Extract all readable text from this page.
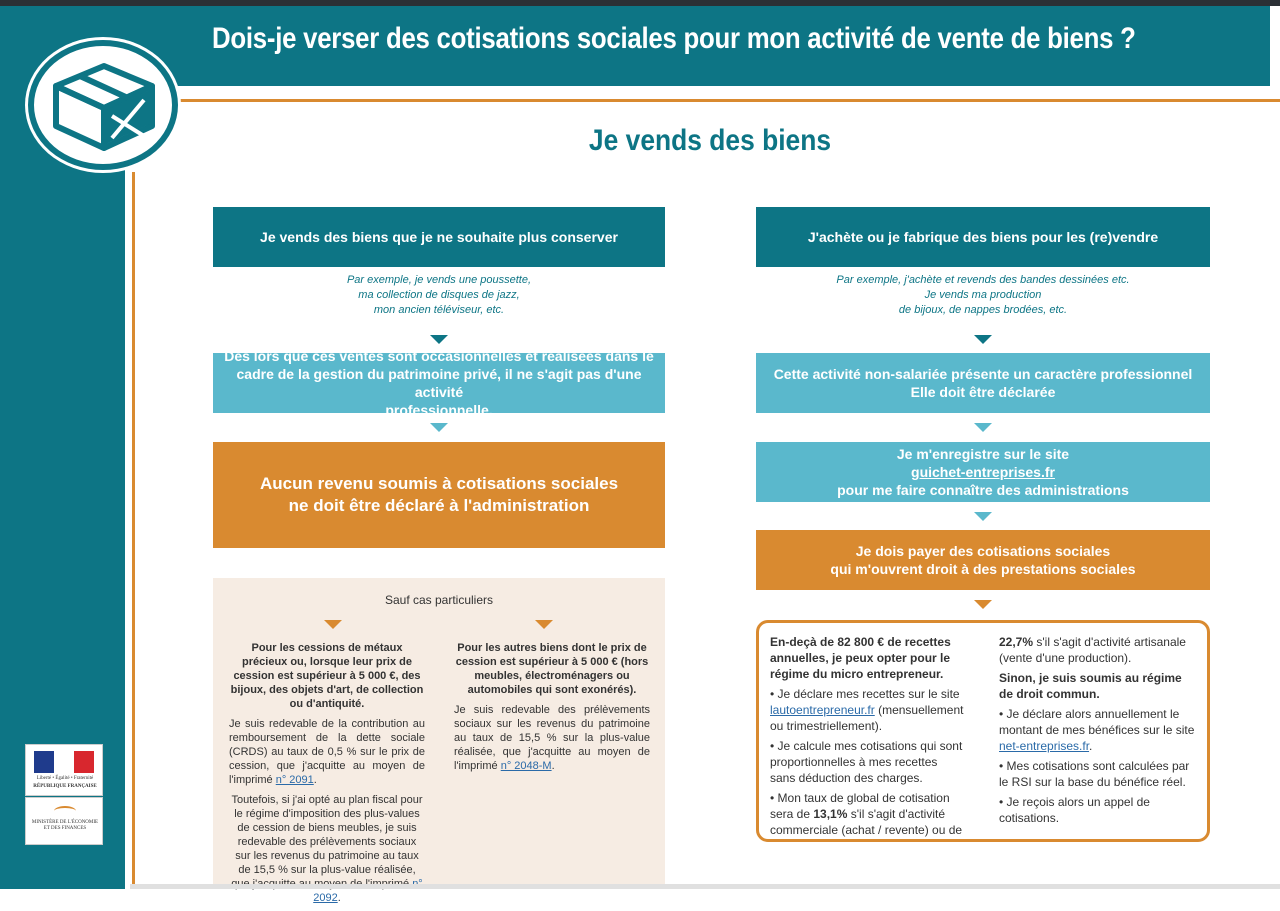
Dois-je verser des cotisations sociales pour mon activité de vente de biens ?
Liberté • Égalité • Fraternité
RÉPUBLIQUE FRANÇAISE
MINISTÈRE DE L'ÉCONOMIE ET DES FINANCES
Je vends des biens
Je vends des biens que je ne souhaite plus conserver
Par exemple, je vends une poussette,
ma collection de disques de jazz,
mon ancien téléviseur, etc.
Dès lors que ces ventes sont occasionnelles et réalisées dans le
cadre de la gestion du patrimoine privé, il ne s'agit pas d'une activité
professionnelle.
Aucun revenu soumis à cotisations sociales
ne doit être déclaré à l'administration
Sauf cas particuliers
Pour les cessions de métaux précieux ou, lorsque leur prix de cession est supérieur à 5 000 €, des bijoux, des objets d'art, de collection ou d'antiquité.

Je suis redevable de la contribution au remboursement de la dette sociale (CRDS) au taux de 0,5 % sur le prix de cession, que j'acquitte au moyen de l'imprimé n° 2091.

Toutefois, si j'ai opté au plan fiscal pour le régime d'imposition des plus-values de cession de biens meubles, je suis redevable des prélèvements sociaux sur les revenus du patrimoine au taux de 15,5 % sur la plus-value réalisée, 2092.

Pour les autres biens dont le prix de cession est supérieur à 5 000 € (hors meubles, électroménagers ou automobiles qui sont exonérés).

Je suis redevable des prélèvements sociaux sur les revenus du patrimoine au taux de 15,5 % sur la plus-value réalisée, que j'acquitte au moyen de l'imprimé n° 2048-M.

J'achète ou je fabrique des biens pour les (re)vendre
Par exemple, j'achète et revends des bandes dessinées etc.
Je vends ma production
de bijoux, de nappes brodées, etc.
Cette activité non-salariée présente un caractère professionnel
Elle doit être déclarée
Je m'enregistre sur le site
guichet-entreprises.fr
pour me faire connaître des administrations
Je dois payer des cotisations sociales
qui m'ouvrent droit à des prestations sociales

En-deçà de 82 800 € de recettes annuelles, je peux opter pour le régime du micro entrepreneur.

• Je déclare mes recettes sur le site lautoentrepreneur.fr (mensuellement ou trimestriellement).

• Je calcule mes cotisations qui sont proportionnelles à mes recettes sans déduction des charges.

• Mon taux de global de cotisation sera de 13,1% s'il s'agit d'activité commerciale (achat / revente) ou de

22,7% s'il s'agit d'activité artisanale (vente d'une production).

Sinon, je suis soumis au régime de droit commun.

• Je déclare alors annuellement le montant de mes bénéfices sur le site net-entreprises.fr.

• Mes cotisations sont calculées par le RSI sur la base du bénéfice réel.

• Je reçois alors un appel de cotisations.
